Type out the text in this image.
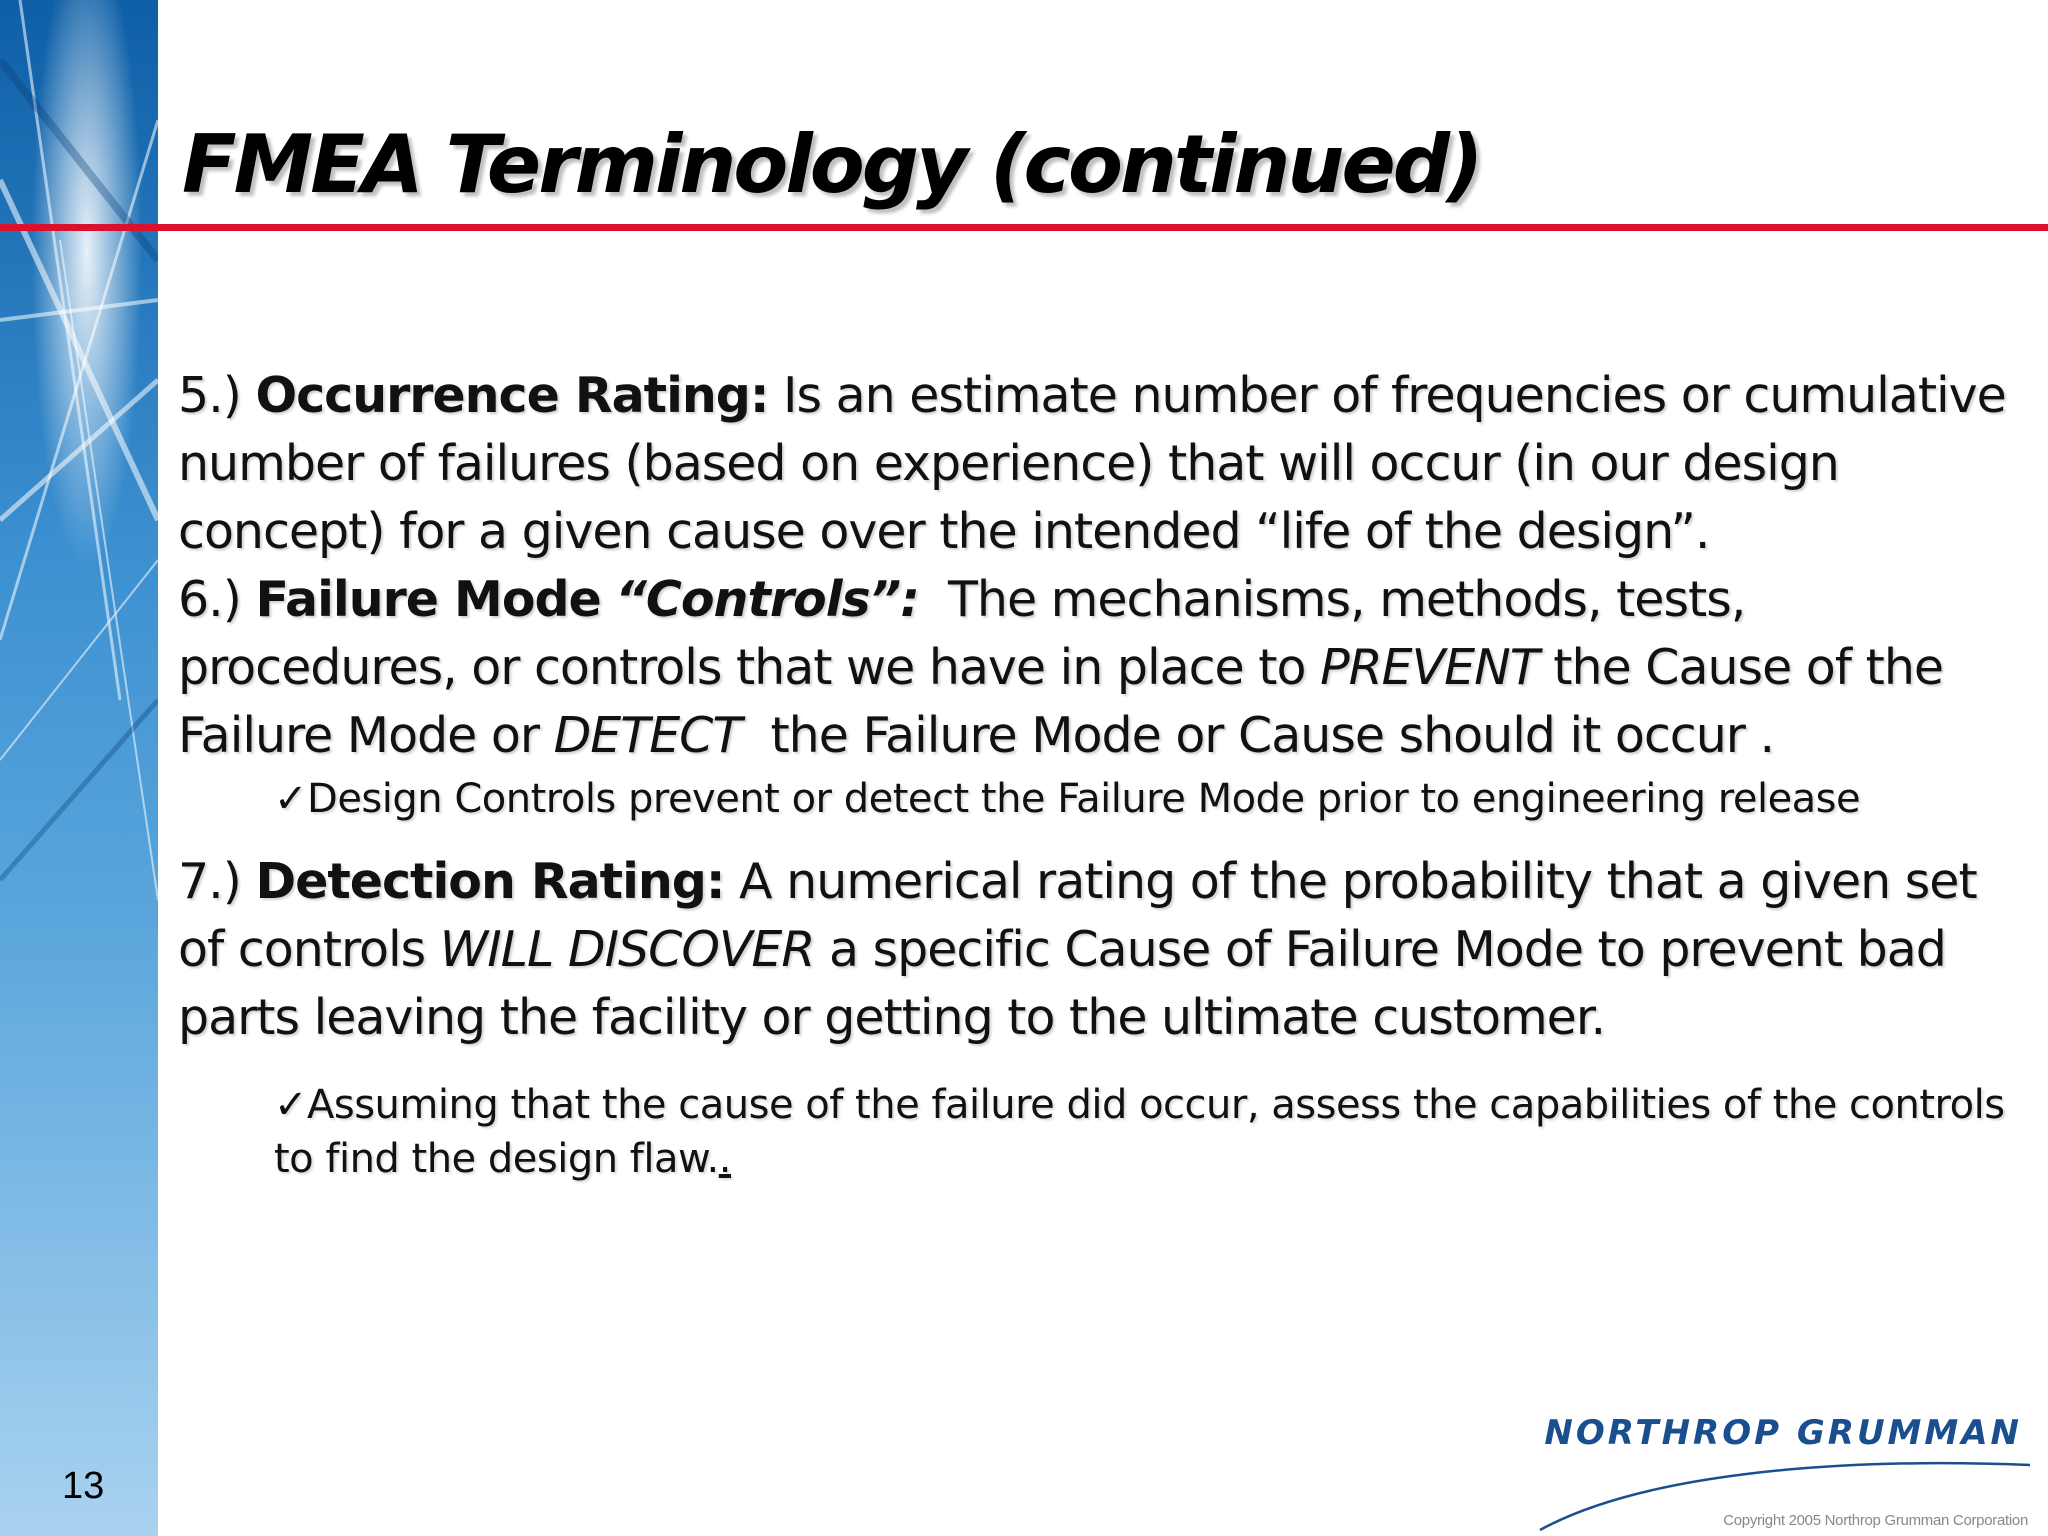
FMEA Terminology (continued)

5.) Occurrence Rating: Is an estimate number of frequencies or cumulative number of failures (based on experience) that will occur (in our design concept) for a given cause over the intended “life of the design”.

6.) Failure Mode “Controls”: The mechanisms, methods, tests, procedures, or controls that we have in place to PREVENT the Cause of the Failure Mode or DETECT the Failure Mode or Cause should it occur .

✓Design Controls prevent or detect the Failure Mode prior to engineering release

7.) Detection Rating: A numerical rating of the probability that a given set of controls WILL DISCOVER a specific Cause of Failure Mode to prevent bad parts leaving the facility or getting to the ultimate customer.

✓Assuming that the cause of the failure did occur, assess the capabilities of the controls to find the design flaw..

13
NORTHROP GRUMMAN
Copyright 2005 Northrop Grumman Corporation
